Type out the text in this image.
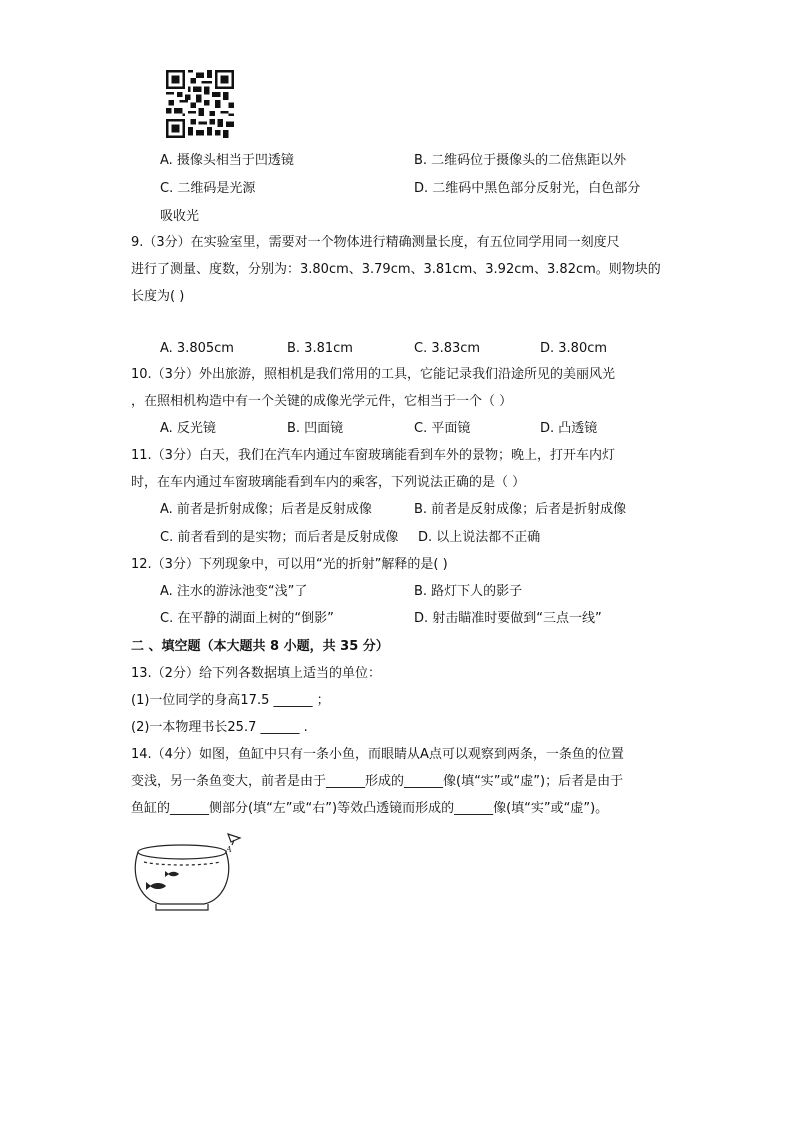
A. 摄像头相当于凹透镜	B. 二维码位于摄像头的二倍焦距以外
C. 二维码是光源	D. 二维码中黑色部分反射光，白色部分
吸收光
9.（3分）在实验室里，需要对一个物体进行精确测量长度，有五位同学用同一刻度尺
进行了测量、度数，分别为：3.80cm、3.79cm、3.81cm、3.92cm、3.82cm。则物块的
长度为( )
A. 3.805cm	B. 3.81cm	C. 3.83cm	D. 3.80cm
10.（3分）外出旅游，照相机是我们常用的工具，它能记录我们沿途所见的美丽风光
，在照相机构造中有一个关键的成像光学元件，它相当于一个（ ）
A. 反光镜	B. 凹面镜	C. 平面镜	D. 凸透镜
11.（3分）白天，我们在汽车内通过车窗玻璃能看到车外的景物；晚上，打开车内灯
时，在车内通过车窗玻璃能看到车内的乘客，下列说法正确的是（ ）
A. 前者是折射成像；后者是反射成像	B. 前者是反射成像；后者是折射成像
C. 前者看到的是实物；而后者是反射成像 D. 以上说法都不正确
12.（3分）下列现象中，可以用“光的折射”解释的是( )
A. 注水的游泳池变“浅”了	B. 路灯下人的影子
C. 在平静的湖面上树的“倒影”	D. 射击瞄准时要做到“三点一线”
二 、填空题（本大题共 8 小题，共 35 分）
13.（2分）给下列各数据填上适当的单位：
(1)一位同学的身高17.5 ______ ；
(2)一本物理书长25.7 ______ .
14.（4分）如图，鱼缸中只有一条小鱼，而眼睛从A点可以观察到两条，一条鱼的位置
变浅，另一条鱼变大，前者是由于______形成的______像(填“实”或“虚”)；后者是由于
鱼缸的______侧部分(填“左”或“右”)等效凸透镜而形成的______像(填“实”或“虚”)。
A
